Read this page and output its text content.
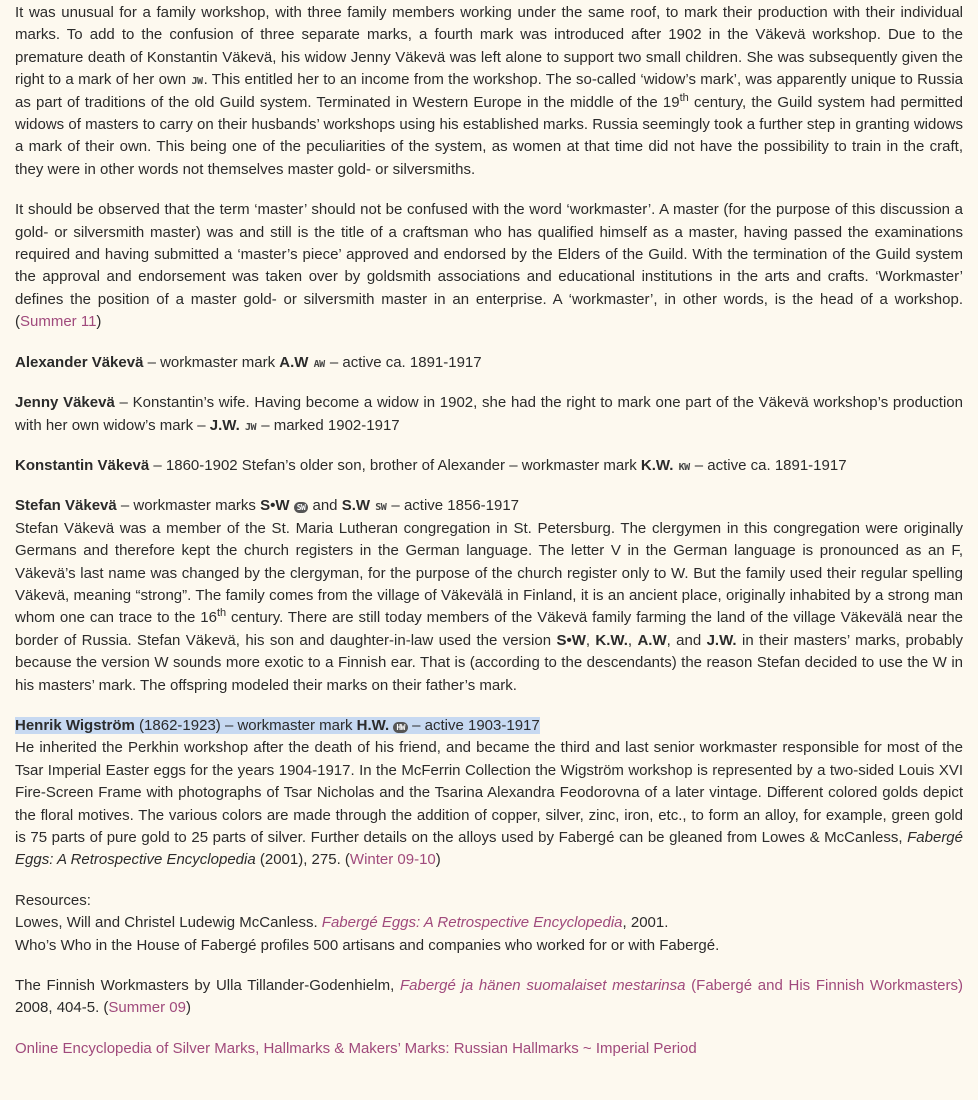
It was unusual for a family workshop, with three family members working under the same roof, to mark their production with their individual marks. To add to the confusion of three separate marks, a fourth mark was introduced after 1902 in the Väkevä workshop. Due to the premature death of Konstantin Väkevä, his widow Jenny Väkevä was left alone to support two small children. She was subsequently given the right to a mark of her own JW. This entitled her to an income from the workshop. The so-called ‘widow’s mark’, was apparently unique to Russia as part of traditions of the old Guild system. Terminated in Western Europe in the middle of the 19th century, the Guild system had permitted widows of masters to carry on their husbands’ workshops using his established marks. Russia seemingly took a further step in granting widows a mark of their own. This being one of the peculiarities of the system, as women at that time did not have the possibility to train in the craft, they were in other words not themselves master gold- or silversmiths.

It should be observed that the term ‘master’ should not be confused with the word ‘workmaster’. A master (for the purpose of this discussion a gold- or silversmith master) was and still is the title of a craftsman who has qualified himself as a master, having passed the examinations required and having submitted a ‘master’s piece’ approved and endorsed by the Elders of the Guild. With the termination of the Guild system the approval and endorsement was taken over by goldsmith associations and educational institutions in the arts and crafts. ‘Workmaster’ defines the position of a master gold- or silversmith master in an enterprise. A ‘workmaster’, in other words, is the head of a workshop. (Summer 11)

Alexander Väkevä – workmaster mark A.W AW – active ca. 1891-1917

Jenny Väkevä – Konstantin’s wife. Having become a widow in 1902, she had the right to mark one part of the Väkevä workshop’s production with her own widow’s mark – J.W. JW – marked 1902-1917

Konstantin Väkevä – 1860-1902 Stefan’s older son, brother of Alexander – workmaster mark K.W. KW – active ca. 1891-1917

Stefan Väkevä – workmaster marks S•W SW and S.W SW – active 1856-1917
Stefan Väkevä was a member of the St. Maria Lutheran congregation in St. Petersburg. The clergymen in this congregation were originally Germans and therefore kept the church registers in the German language. The letter V in the German language is pronounced as an F, Väkevä’s last name was changed by the clergyman, for the purpose of the church register only to W. But the family used their regular spelling Väkevä, meaning “strong”. The family comes from the village of Väkevälä in Finland, it is an ancient place, originally inhabited by a strong man whom one can trace to the 16th century. There are still today members of the Väkevä family farming the land of the village Väkevälä near the border of Russia. Stefan Väkevä, his son and daughter-in-law used the version S•W, K.W., A.W, and J.W. in their masters’ marks, probably because the version W sounds more exotic to a Finnish ear. That is (according to the descendants) the reason Stefan decided to use the W in his masters’ mark. The offspring modeled their marks on their father’s mark.

Henrik Wigström (1862-1923) – workmaster mark H.W. HW – active 1903-1917
He inherited the Perkhin workshop after the death of his friend, and became the third and last senior workmaster responsible for most of the Tsar Imperial Easter eggs for the years 1904-1917. In the McFerrin Collection the Wigström workshop is represented by a two-sided Louis XVI Fire-Screen Frame with photographs of Tsar Nicholas and the Tsarina Alexandra Feodorovna of a later vintage. Different colored golds depict the floral motives. The various colors are made through the addition of copper, silver, zinc, iron, etc., to form an alloy, for example, green gold is 75 parts of pure gold to 25 parts of silver. Further details on the alloys used by Fabergé can be gleaned from Lowes & McCanless, Fabergé Eggs: A Retrospective Encyclopedia (2001), 275. (Winter 09-10)

Resources:
Lowes, Will and Christel Ludewig McCanless. Fabergé Eggs: A Retrospective Encyclopedia, 2001.
Who’s Who in the House of Fabergé profiles 500 artisans and companies who worked for or with Fabergé.

The Finnish Workmasters by Ulla Tillander-Godenhielm, Fabergé ja hänen suomalaiset mestarinsa (Fabergé and His Finnish Workmasters) 2008, 404-5. (Summer 09)

Online Encyclopedia of Silver Marks, Hallmarks & Makers’ Marks: Russian Hallmarks ~ Imperial Period
